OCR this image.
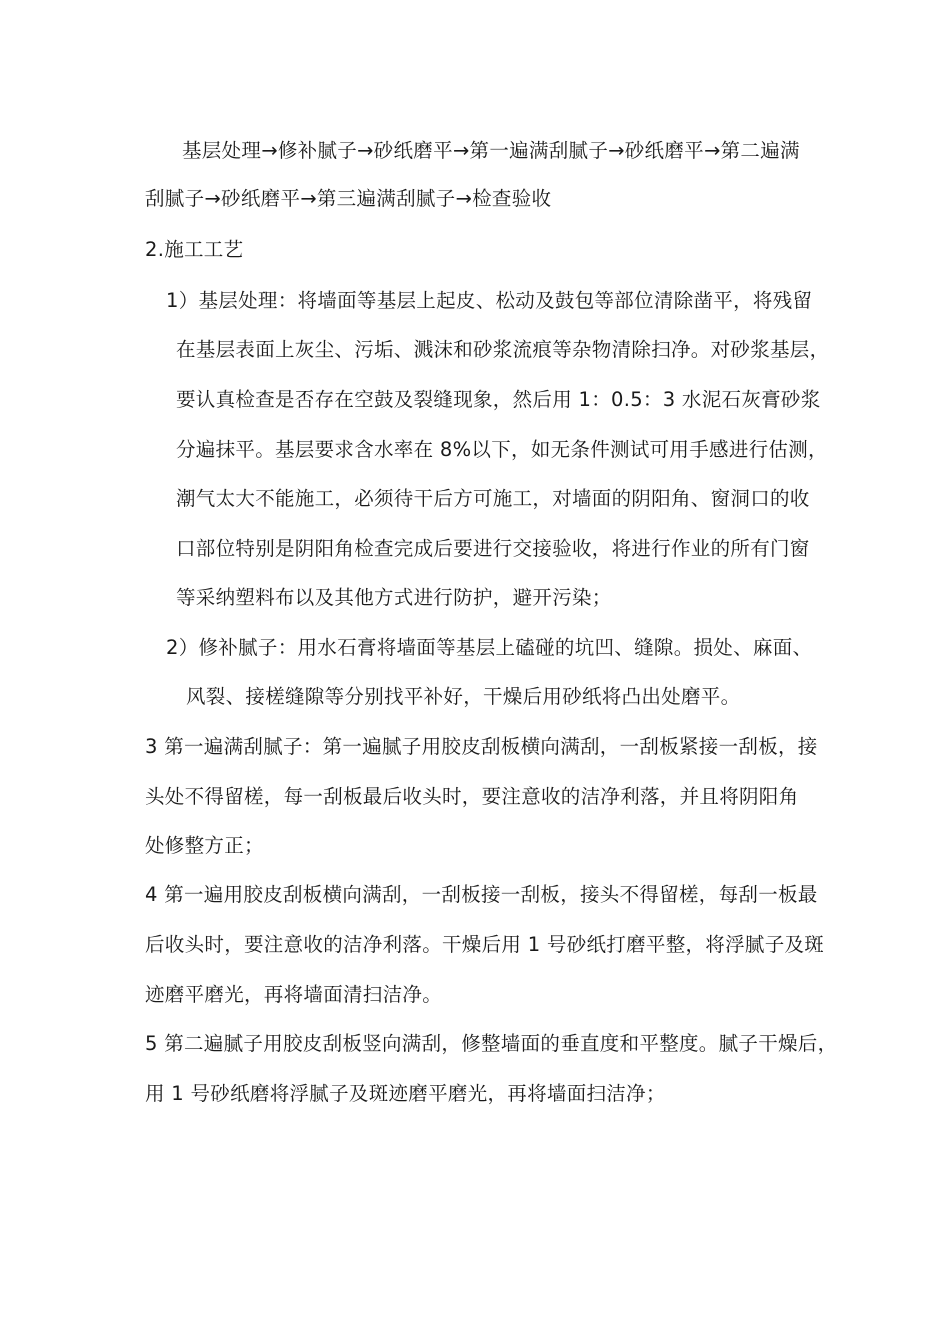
基层处理→修补腻子→砂纸磨平→第一遍满刮腻子→砂纸磨平→第二遍满
刮腻子→砂纸磨平→第三遍满刮腻子→检查验收
2.施工工艺
1）基层处理：将墙面等基层上起皮、松动及鼓包等部位清除凿平，将残留
在基层表面上灰尘、污垢、溅沫和砂浆流痕等杂物清除扫净。对砂浆基层，
要认真检查是否存在空鼓及裂缝现象，然后用 1：0.5：3 水泥石灰膏砂浆
分遍抹平。基层要求含水率在 8%以下，如无条件测试可用手感进行估测，
潮气太大不能施工，必须待干后方可施工，对墙面的阴阳角、窗洞口的收
口部位特别是阴阳角检查完成后要进行交接验收，将进行作业的所有门窗
等采纳塑料布以及其他方式进行防护，避开污染；
2）修补腻子：用水石膏将墙面等基层上磕碰的坑凹、缝隙。损处、麻面、
风裂、接槎缝隙等分别找平补好，干燥后用砂纸将凸出处磨平。
3 第一遍满刮腻子：第一遍腻子用胶皮刮板横向满刮，一刮板紧接一刮板，接
头处不得留槎，每一刮板最后收头时，要注意收的洁净利落，并且将阴阳角
处修整方正；
4 第一遍用胶皮刮板横向满刮，一刮板接一刮板，接头不得留槎，每刮一板最
后收头时，要注意收的洁净利落。干燥后用 1 号砂纸打磨平整，将浮腻子及斑
迹磨平磨光，再将墙面清扫洁净。
5 第二遍腻子用胶皮刮板竖向满刮，修整墙面的垂直度和平整度。腻子干燥后，
用 1 号砂纸磨将浮腻子及斑迹磨平磨光，再将墙面扫洁净；
